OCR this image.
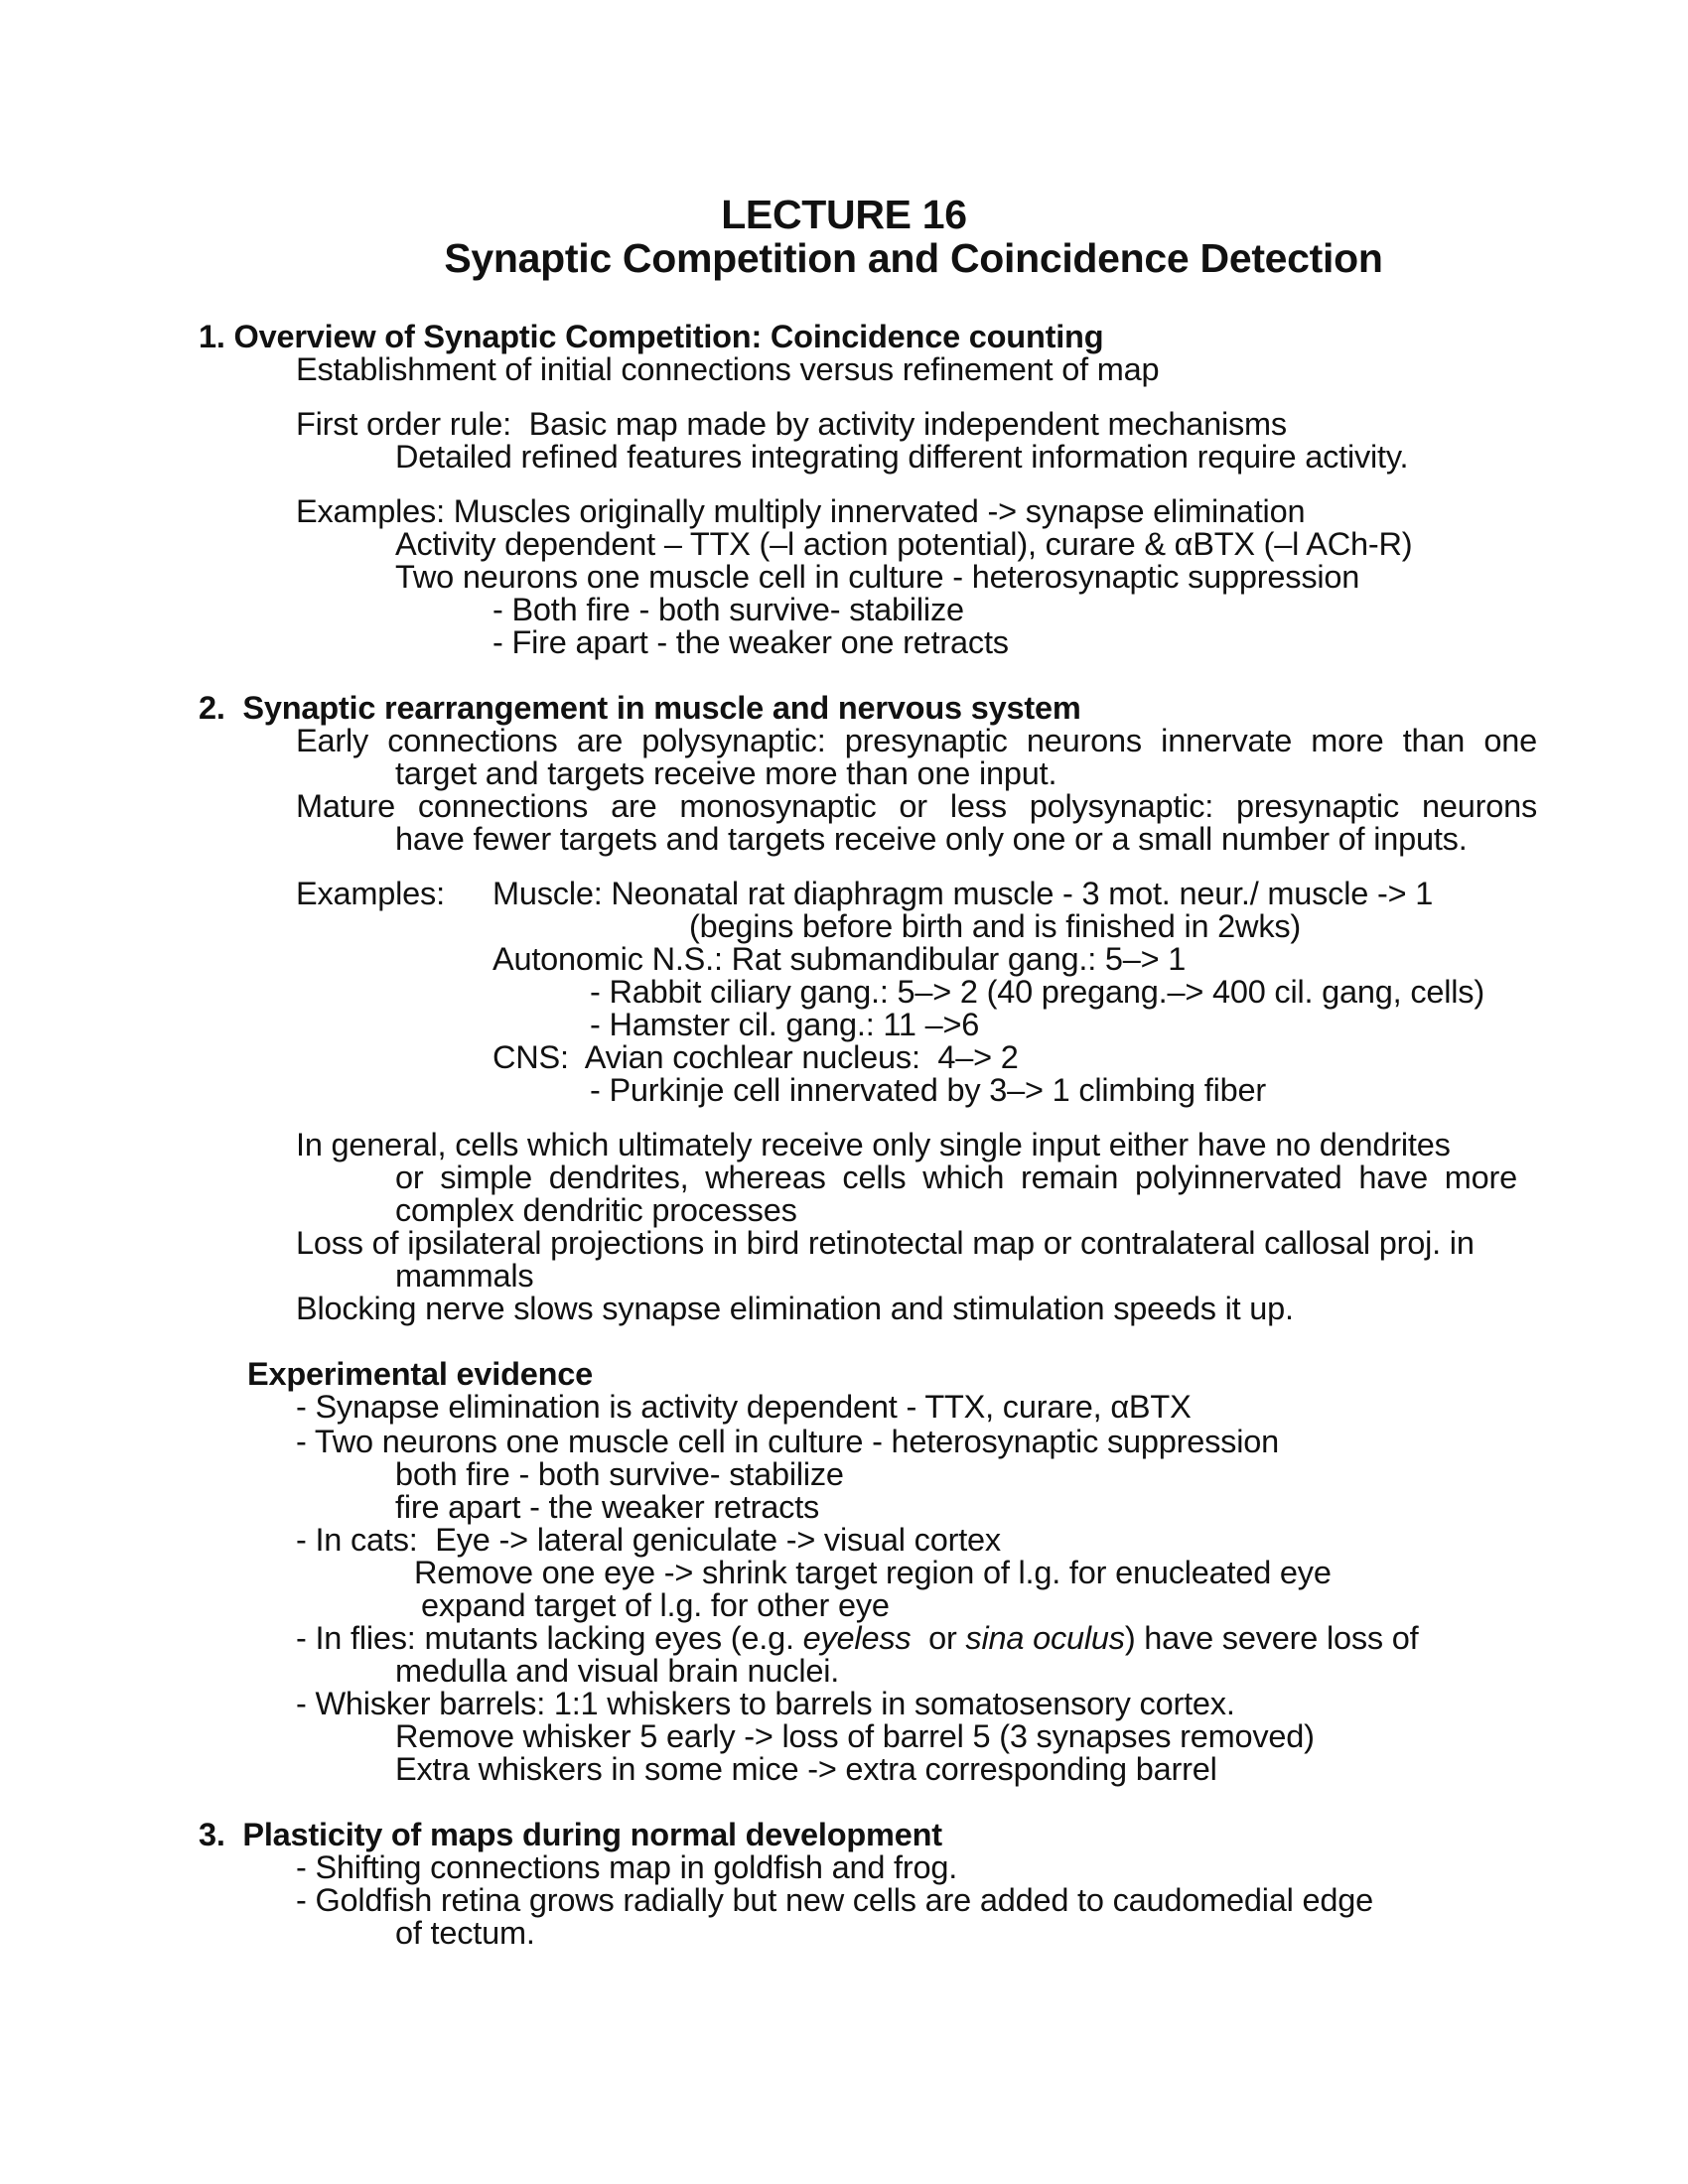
LECTURE 16
Synaptic Competition and Coincidence Detection
1. Overview of Synaptic Competition: Coincidence counting
Establishment of initial connections versus refinement of map
First order rule:  Basic map made by activity independent mechanisms
Detailed refined features integrating different information require activity.
Examples: Muscles originally multiply innervated -> synapse elimination
Activity dependent – TTX (–l action potential), curare & αBTX (–l ACh-R)
Two neurons one muscle cell in culture - heterosynaptic suppression
- Both fire - both survive- stabilize
- Fire apart - the weaker one retracts
2.  Synaptic rearrangement in muscle and nervous system
Early connections are polysynaptic: presynaptic neurons innervate more than one
target and targets receive more than one input.
Mature connections are monosynaptic or less polysynaptic: presynaptic neurons
have fewer targets and targets receive only one or a small number of inputs.
Examples: Muscle: Neonatal rat diaphragm muscle - 3 mot. neur./ muscle -> 1
(begins before birth and is finished in 2wks)
Autonomic N.S.: Rat submandibular gang.: 5–> 1
- Rabbit ciliary gang.: 5–> 2 (40 pregang.–> 400 cil. gang, cells)
- Hamster cil. gang.: 11 –>6
CNS:  Avian cochlear nucleus:  4–> 2
- Purkinje cell innervated by 3–> 1 climbing fiber
In general, cells which ultimately receive only single input either have no dendrites
or simple dendrites, whereas cells which remain polyinnervated have more
complex dendritic processes
Loss of ipsilateral projections in bird retinotectal map or contralateral callosal proj. in
mammals
Blocking nerve slows synapse elimination and stimulation speeds it up.
Experimental evidence
- Synapse elimination is activity dependent - TTX, curare, αBTX
- Two neurons one muscle cell in culture - heterosynaptic suppression
both fire - both survive- stabilize
fire apart - the weaker retracts
- In cats:  Eye -> lateral geniculate -> visual cortex
Remove one eye -> shrink target region of l.g. for enucleated eye
expand target of l.g. for other eye
- In flies: mutants lacking eyes (e.g. eyeless  or sina oculus) have severe loss of
medulla and visual brain nuclei.
- Whisker barrels: 1:1 whiskers to barrels in somatosensory cortex.
Remove whisker 5 early -> loss of barrel 5 (3 synapses removed)
Extra whiskers in some mice -> extra corresponding barrel
3.  Plasticity of maps during normal development
- Shifting connections map in goldfish and frog.
- Goldfish retina grows radially but new cells are added to caudomedial edge
of tectum.
